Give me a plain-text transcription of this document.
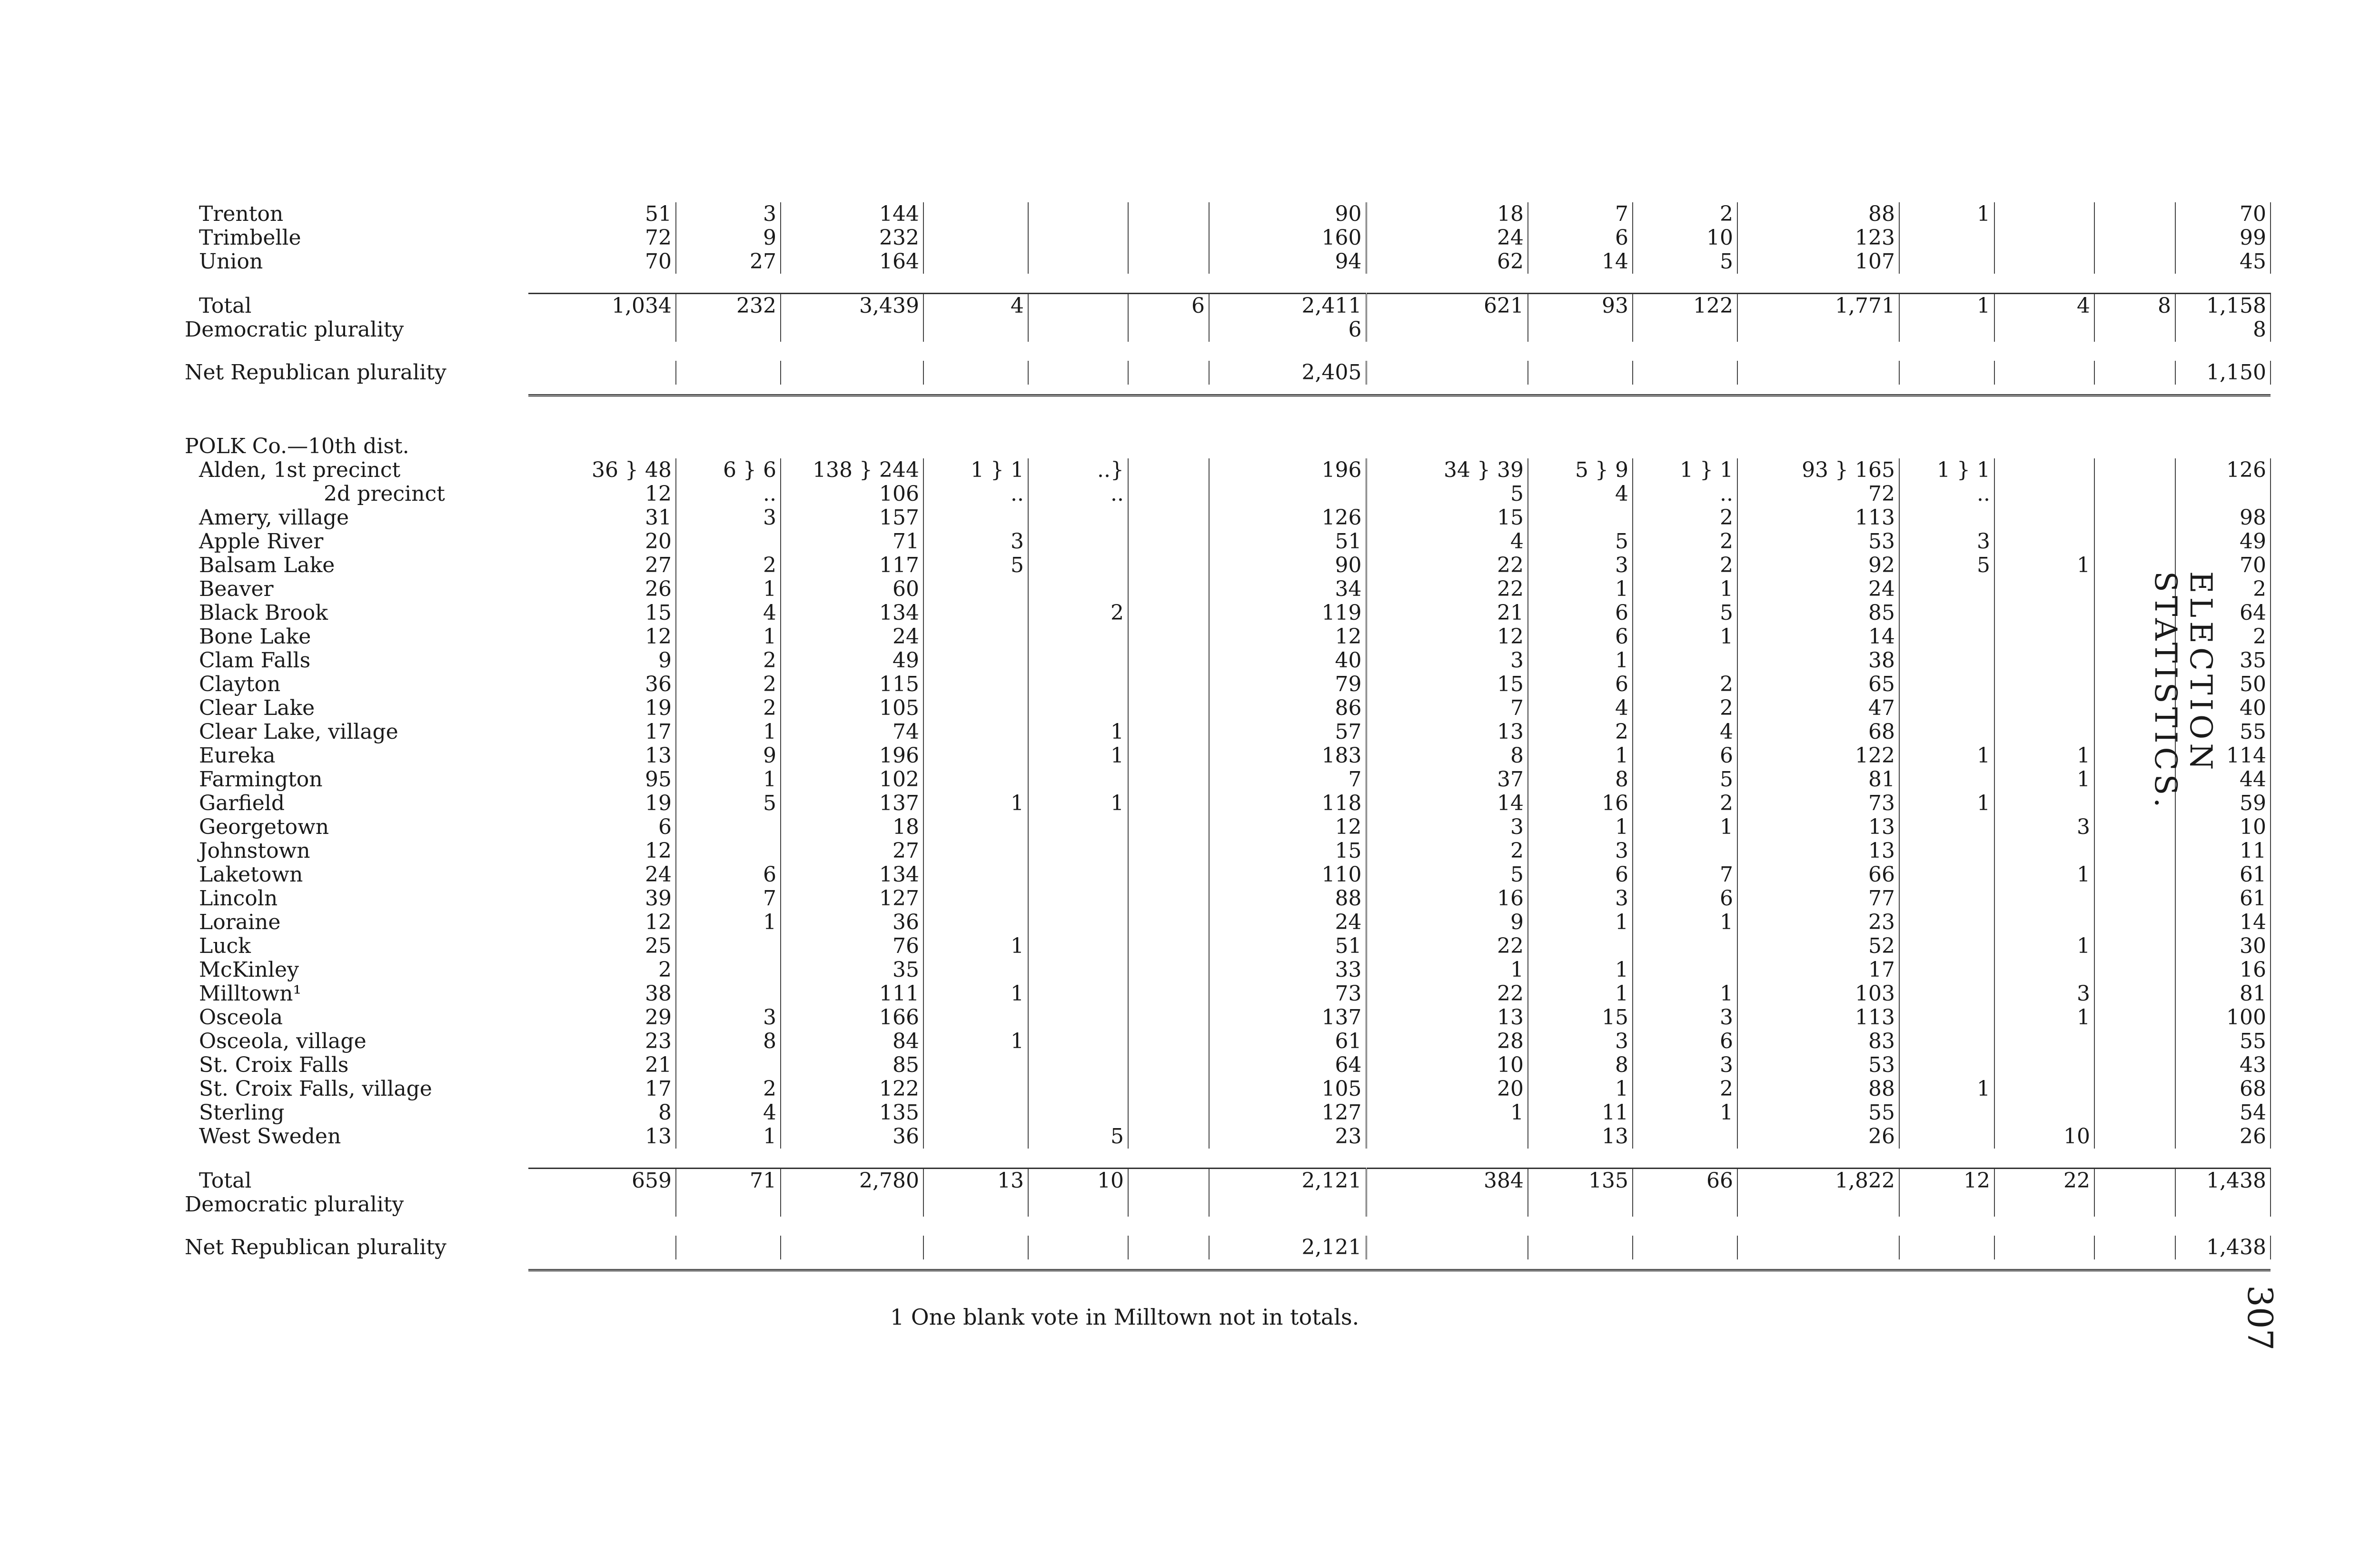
Trenton	51	3	144				90	18	7	2	88	1			70
Trimbelle	72	9	232				160	24	6	10	123				99
Union	70	27	164				94	62	14	5	107				45

Total	1,034	232	3,439	4		6	2,411	621	93	122	1,771	1	4	8	1,158
Democratic plurality							6								8

Net Republican plurality							2,405								1,150

POLK Co.—10th dist.															
Alden, 1st precinct	36 } 48	6 } 6	138 } 244	1 } 1	..}		196	34 } 39	5 } 9	1 } 1	93 } 165	1 } 1			126
2d precinct	12	..	106	..	..			5	4	..	72	..			
Amery, village	31	3	157				126	15		2	113				98
Apple River	20		71	3			51	4	5	2	53	3			49
Balsam Lake	27	2	117	5			90	22	3	2	92	5	1		70
Beaver	26	1	60				34	22	1	1	24				2
Black Brook	15	4	134		2		119	21	6	5	85				64
Bone Lake	12	1	24				12	12	6	1	14				2
Clam Falls	9	2	49				40	3	1		38				35
Clayton	36	2	115				79	15	6	2	65				50
Clear Lake	19	2	105				86	7	4	2	47				40
Clear Lake, village	17	1	74		1		57	13	2	4	68				55
Eureka	13	9	196		1		183	8	1	6	122	1	1		114
Farmington	95	1	102				7	37	8	5	81		1		44
Garfield	19	5	137	1	1		118	14	16	2	73	1			59
Georgetown	6		18				12	3	1	1	13		3		10
Johnstown	12		27				15	2	3		13				11
Laketown	24	6	134				110	5	6	7	66		1		61
Lincoln	39	7	127				88	16	3	6	77				61
Loraine	12	1	36				24	9	1	1	23				14
Luck	25		76	1			51	22			52		1		30
McKinley	2		35				33	1	1		17				16
Milltown¹	38		111	1			73	22	1	1	103		3		81
Osceola	29	3	166				137	13	15	3	113		1		100
Osceola, village	23	8	84	1			61	28	3	6	83				55
St. Croix Falls	21		85				64	10	8	3	53				43
St. Croix Falls, village	17	2	122				105	20	1	2	88	1			68
Sterling	8	4	135				127	1	11	1	55				54
West Sweden	13	1	36		5		23		13		26		10		26

Total	659	71	2,780	13	10		2,121	384	135	66	1,822	12	22		1,438
Democratic plurality															

Net Republican plurality							2,121								1,438

1 One blank vote in Milltown not in totals.
ELECTION STATISTICS.
307
